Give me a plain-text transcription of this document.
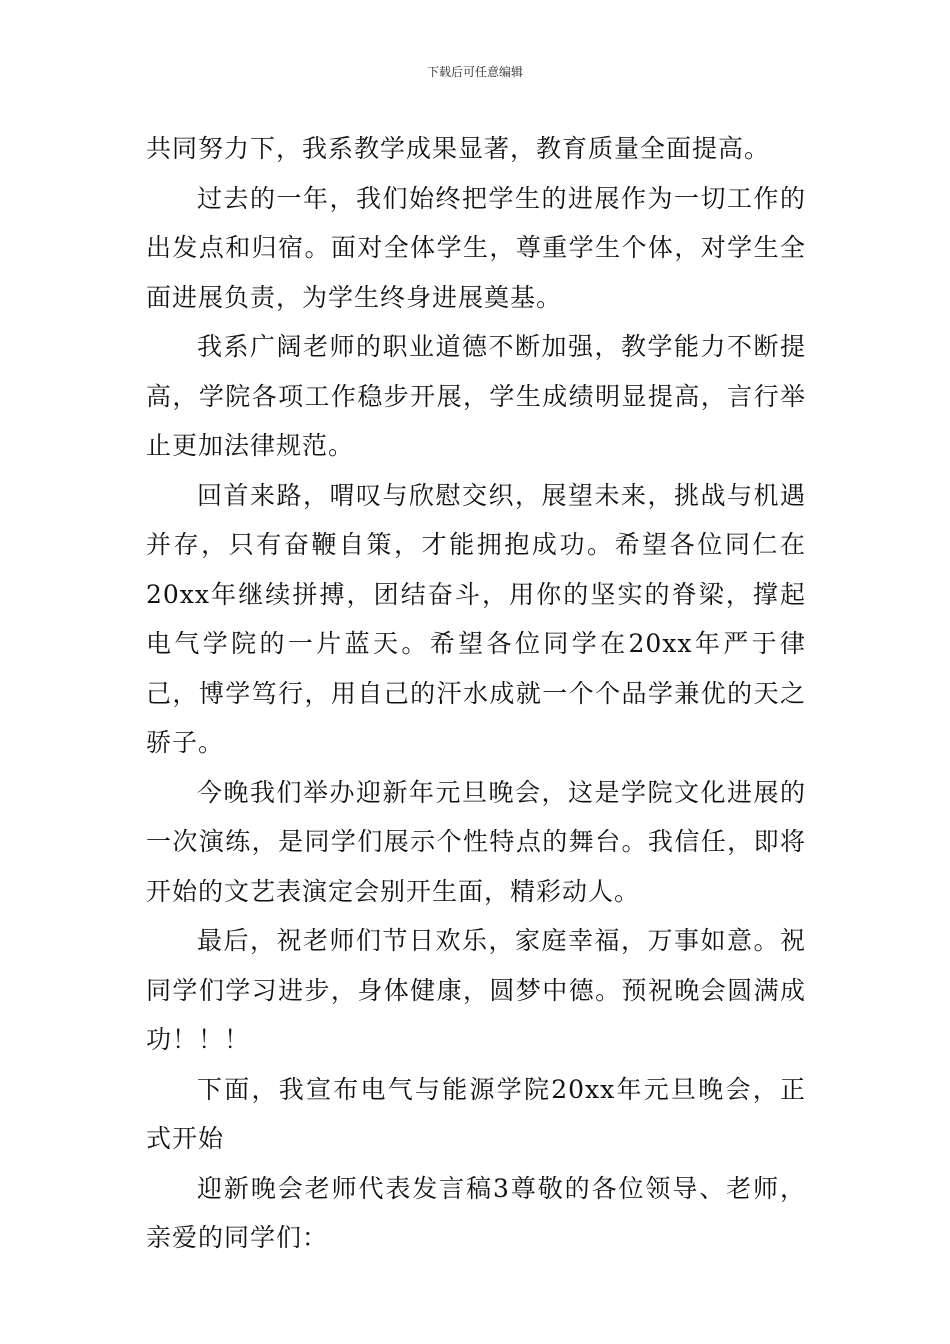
下载后可任意编辑

共同努力下，我系教学成果显著，教育质量全面提高。

过去的一年，我们始终把学生的进展作为一切工作的出发点和归宿。面对全体学生，尊重学生个体，对学生全面进展负责，为学生终身进展奠基。

我系广阔老师的职业道德不断加强，教学能力不断提高，学院各项工作稳步开展，学生成绩明显提高，言行举止更加法律规范。

回首来路，喟叹与欣慰交织，展望未来，挑战与机遇并存，只有奋鞭自策，才能拥抱成功。希望各位同仁在20xx年继续拼搏，团结奋斗，用你的坚实的脊梁，撑起电气学院的一片蓝天。希望各位同学在20xx年严于律己，博学笃行，用自己的汗水成就一个个品学兼优的天之骄子。

今晚我们举办迎新年元旦晚会，这是学院文化进展的一次演练，是同学们展示个性特点的舞台。我信任，即将开始的文艺表演定会别开生面，精彩动人。

最后，祝老师们节日欢乐，家庭幸福，万事如意。祝同学们学习进步，身体健康，圆梦中德。预祝晚会圆满成功！！！

下面，我宣布电气与能源学院20xx年元旦晚会，正式开始

迎新晚会老师代表发言稿3尊敬的各位领导、老师，亲爱的同学们：
